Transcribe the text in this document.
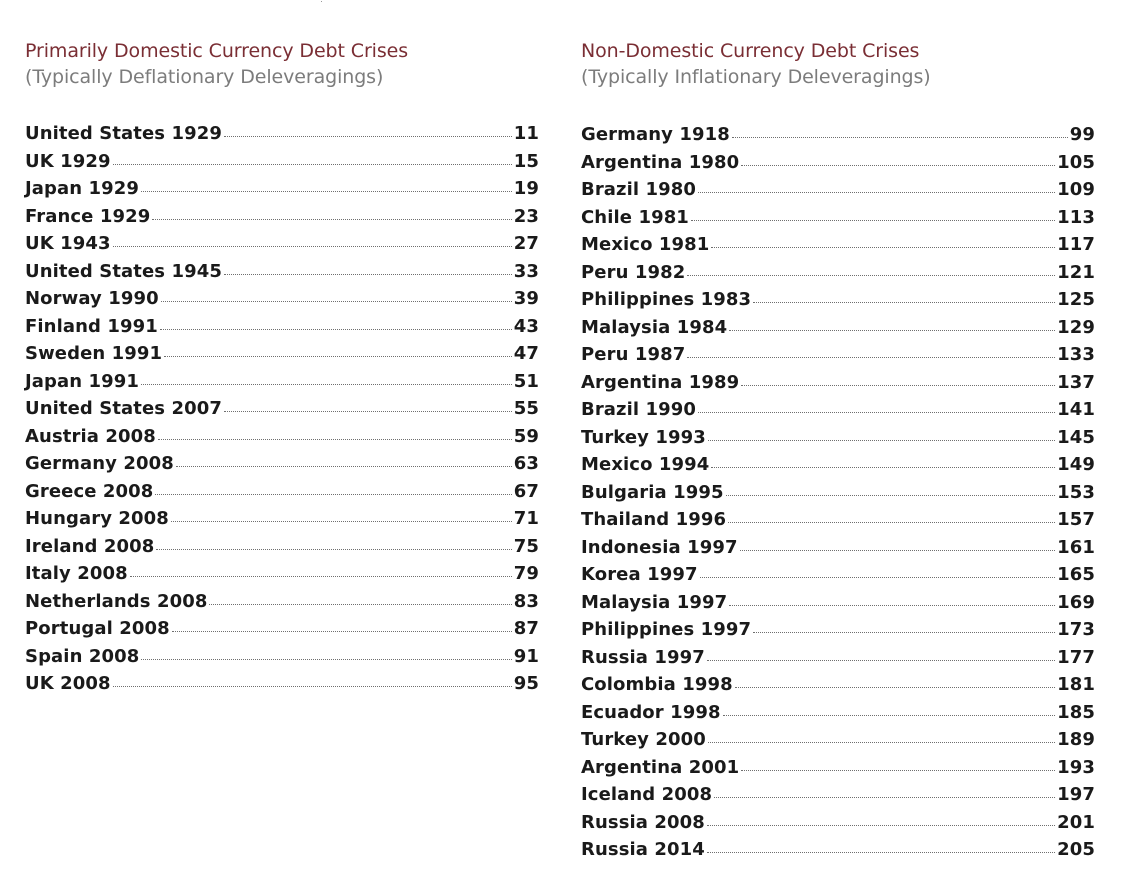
Primarily Domestic Currency Debt Crises
(Typically Deflationary Deleveragings)
United States 1929	11
UK 1929	15
Japan 1929	19
France 1929	23
UK 1943	27
United States 1945	33
Norway 1990	39
Finland 1991	43
Sweden 1991	47
Japan 1991	51
United States 2007	55
Austria 2008	59
Germany 2008	63
Greece 2008	67
Hungary 2008	71
Ireland 2008	75
Italy 2008	79
Netherlands 2008	83
Portugal 2008	87
Spain 2008	91
UK 2008	95
Non-Domestic Currency Debt Crises
(Typically Inflationary Deleveragings)
Germany 1918	99
Argentina 1980	105
Brazil 1980	109
Chile 1981	113
Mexico 1981	117
Peru 1982	121
Philippines 1983	125
Malaysia 1984	129
Peru 1987	133
Argentina 1989	137
Brazil 1990	141
Turkey 1993	145
Mexico 1994	149
Bulgaria 1995	153
Thailand 1996	157
Indonesia 1997	161
Korea 1997	165
Malaysia 1997	169
Philippines 1997	173
Russia 1997	177
Colombia 1998	181
Ecuador 1998	185
Turkey 2000	189
Argentina 2001	193
Iceland 2008	197
Russia 2008	201
Russia 2014	205
